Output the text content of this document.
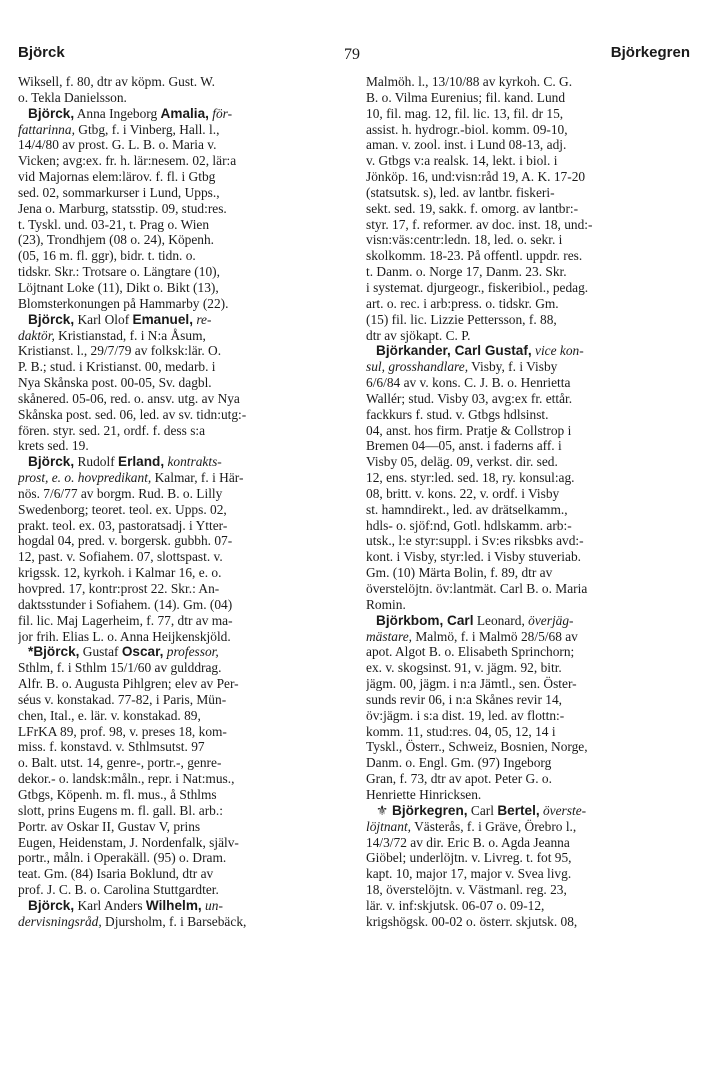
Björck	79	Björkegren
Wiksell, f. 80, dtr av köpm. Gust. W.
o. Tekla Danielsson.
Björck, Anna Ingeborg Amalia, för-
fattarinna, Gtbg, f. i Vinberg, Hall. l.,
14/4/80 av prost. G. L. B. o. Maria v.
Vicken; avg:ex. fr. h. lär:nesem. 02, lär:a
vid Majornas elem:lärov. f. fl. i Gtbg
sed. 02, sommarkurser i Lund, Upps.,
Jena o. Marburg, statsstip. 09, stud:res.
t. Tyskl. und. 03-21, t. Prag o. Wien
(23), Trondhjem (08 o. 24), Köpenh.
(05, 16 m. fl. ggr), bidr. t. tidn. o.
tidskr. Skr.: Trotsare o. Längtare (10),
Löjtnant Loke (11), Dikt o. Bikt (13),
Blomsterkonungen på Hammarby (22).
Björck, Karl Olof Emanuel, re-
daktör, Kristianstad, f. i N:a Åsum,
Kristianst. l., 29/7/79 av folksk:lär. O.
P. B.; stud. i Kristianst. 00, medarb. i
Nya Skånska post. 00-05, Sv. dagbl.
skånered. 05-06, red. o. ansv. utg. av Nya
Skånska post. sed. 06, led. av sv. tidn:utg:-
fören. styr. sed. 21, ordf. f. dess s:a
krets sed. 19.
Björck, Rudolf Erland, kontrakts-
prost, e. o. hovpredikant, Kalmar, f. i Här-
nös. 7/6/77 av borgm. Rud. B. o. Lilly
Swedenborg; teoret. teol. ex. Upps. 02,
prakt. teol. ex. 03, pastoratsadj. i Ytter-
hogdal 04, pred. v. borgersk. gubbh. 07-
12, past. v. Sofiahem. 07, slottspast. v.
krigssk. 12, kyrkoh. i Kalmar 16, e. o.
hovpred. 17, kontr:prost 22. Skr.: An-
daktsstunder i Sofiahem. (14). Gm. (04)
fil. lic. Maj Lagerheim, f. 77, dtr av ma-
jor frih. Elias L. o. Anna Heijkenskjöld.
*Björck, Gustaf Oscar, professor,
Sthlm, f. i Sthlm 15/1/60 av gulddrag.
Alfr. B. o. Augusta Pihlgren; elev av Per-
séus v. konstakad. 77-82, i Paris, Mün-
chen, Ital., e. lär. v. konstakad. 89,
LFrKA 89, prof. 98, v. preses 18, kom-
miss. f. konstavd. v. Sthlmsutst. 97
o. Balt. utst. 14, genre-, portr.-, genre-
dekor.- o. landsk:måln., repr. i Nat:mus.,
Gtbgs, Köpenh. m. fl. mus., å Sthlms
slott, prins Eugens m. fl. gall. Bl. arb.:
Portr. av Oskar II, Gustav V, prins
Eugen, Heidenstam, J. Nordenfalk, själv-
portr., måln. i Operakäll. (95) o. Dram.
teat. Gm. (84) Isaria Boklund, dtr av
prof. J. C. B. o. Carolina Stuttgardter.
Björck, Karl Anders Wilhelm, un-
dervisningsråd, Djursholm, f. i Barsebäck,
Malmöh. l., 13/10/88 av kyrkoh. C. G.
B. o. Vilma Eurenius; fil. kand. Lund
10, fil. mag. 12, fil. lic. 13, fil. dr 15,
assist. h. hydrogr.-biol. komm. 09-10,
aman. v. zool. inst. i Lund 08-13, adj.
v. Gtbgs v:a realsk. 14, lekt. i biol. i
Jönköp. 16, und:visn:råd 19, A. K. 17-20
(statsutsk. s), led. av lantbr. fiskeri-
sekt. sed. 19, sakk. f. omorg. av lantbr:-
styr. 17, f. reformer. av doc. inst. 18, und:-
visn:väs:centr:ledn. 18, led. o. sekr. i
skolkomm. 18-23. På offentl. uppdr. res.
t. Danm. o. Norge 17, Danm. 23. Skr.
i systemat. djurgeogr., fiskeribiol., pedag.
art. o. rec. i arb:press. o. tidskr. Gm.
(15) fil. lic. Lizzie Pettersson, f. 88,
dtr av sjökapt. C. P.
Björkander, Carl Gustaf, vice kon-
sul, grosshandlare, Visby, f. i Visby
6/6/84 av v. kons. C. J. B. o. Henrietta
Wallér; stud. Visby 03, avg:ex fr. ettår.
fackkurs f. stud. v. Gtbgs hdlsinst.
04, anst. hos firm. Pratje & Collstrop i
Bremen 04—05, anst. i faderns aff. i
Visby 05, deläg. 09, verkst. dir. sed.
12, ens. styr:led. sed. 18, ry. konsul:ag.
08, britt. v. kons. 22, v. ordf. i Visby
st. hamndirekt., led. av drätselkamm.,
hdls- o. sjöf:nd, Gotl. hdlskamm. arb:-
utsk., l:e styr:suppl. i Sv:es riksbks avd:-
kont. i Visby, styr:led. i Visby stuveriab.
Gm. (10) Märta Bolin, f. 89, dtr av
överstelöjtn. öv:lantmät. Carl B. o. Maria
Romin.
Björkbom, Carl Leonard, överjäg-
mästare, Malmö, f. i Malmö 28/5/68 av
apot. Algot B. o. Elisabeth Sprinchorn;
ex. v. skogsinst. 91, v. jägm. 92, bitr.
jägm. 00, jägm. i n:a Jämtl., sen. Öster-
sunds revir 06, i n:a Skånes revir 14,
öv:jägm. i s:a dist. 19, led. av flottn:-
komm. 11, stud:res. 04, 05, 12, 14 i
Tyskl., Österr., Schweiz, Bosnien, Norge,
Danm. o. Engl. Gm. (97) Ingeborg
Gran, f. 73, dtr av apot. Peter G. o.
Henriette Hinricksen.
⚜ Björkegren, Carl Bertel, överste-
löjtnant, Västerås, f. i Gräve, Örebro l.,
14/3/72 av dir. Eric B. o. Agda Jeanna
Giöbel; underlöjtn. v. Livreg. t. fot 95,
kapt. 10, major 17, major v. Svea livg.
18, överstelöjtn. v. Västmanl. reg. 23,
lär. v. inf:skjutsk. 06-07 o. 09-12,
krigshögsk. 00-02 o. österr. skjutsk. 08,
